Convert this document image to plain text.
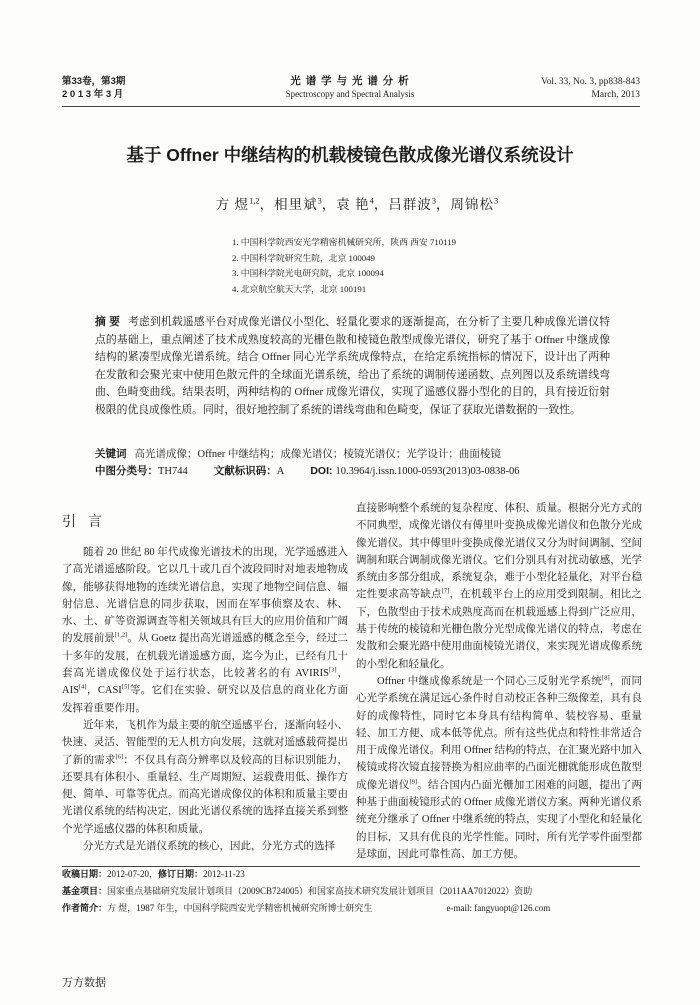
第33卷，第3期
2 0 1 3 年 3 月
光 谱 学 与 光 谱 分 析
Spectroscopy and Spectral Analysis
Vol. 33, No. 3, pp838-843
March, 2013
基于 Offner 中继结构的机载棱镜色散成像光谱仪系统设计
方 煜$^{1,2}$，相里斌$^3$，袁 艳$^4$，吕群波$^3$，周锦松$^3$
1. 中国科学院西安光学精密机械研究所，陕西 西安 710119
2. 中国科学院研究生院，北京 100049
3. 中国科学院光电研究院，北京 100094
4. 北京航空航天大学，北京 100191
摘 要 考虑到机载遥感平台对成像光谱仪小型化、轻量化要求的逐渐提高，在分析了主要几种成像光谱仪特点的基础上，重点阐述了技术成熟度较高的光栅色散和棱镜色散型成像光谱仪，研究了基于 Offner 中继成像结构的紧凑型成像光谱系统。结合 Offner 同心光学系统成像特点，在给定系统指标的情况下，设计出了两种在发散和会聚光束中使用色散元件的全球面光谱系统，给出了系统的调制传递函数、点列图以及系统谱线弯曲、色畸变曲线。结果表明，两种结构的 Offner 成像光谱仪，实现了遥感仪器小型化的目的，具有接近衍射极限的优良成像性质。同时，很好地控制了系统的谱线弯曲和色畸变，保证了获取光谱数据的一致性。
关键词 高光谱成像；Offner 中继结构；成像光谱仪；棱镜光谱仪；光学设计；曲面棱镜
中图分类号：TH744 文献标识码：A DOI: 10.3964/j.issn.1000-0593(2013)03-0838-06
引 言

随着 20 世纪 80 年代成像光谱技术的出现，光学遥感进入了高光谱遥感阶段。它以几十或几百个波段同时对地表地物成像，能够获得地物的连续光谱信息，实现了地物空间信息、辐射信息、光谱信息的同步获取，因而在军事侦察及农、林、水、土、矿等资源调查等相关领域具有巨大的应用价值和广阔的发展前景[1,2]。从 Goetz 提出高光谱遥感的概念至今，经过二十多年的发展，在机载光谱遥感方面，迄今为止，已经有几十套高光谱成像仪处于运行状态，比较著名的有 AVIRIS[3]，AIS[4]，CASI[5]等。它们在实验、研究以及信息的商业化方面发挥着重要作用。

近年来，飞机作为最主要的航空遥感平台，逐渐向轻小、快速、灵活、智能型的无人机方向发展，这就对遥感载荷提出了新的需求[6]：不仅具有高分辨率以及较高的目标识别能力，还要具有体积小、重量轻、生产周期短、运载费用低、操作方便、简单、可靠等优点。而高光谱成像仪的体积和质量主要由光谱仪系统的结构决定，因此光谱仪系统的选择直接关系到整个光学遥感仪器的体积和质量。

分光方式是光谱仪系统的核心，因此，分光方式的选择

直接影响整个系统的复杂程度、体积、质量。根据分光方式的不同典型，成像光谱仪有傅里叶变换成像光谱仪和色散分光成像光谱仪。其中傅里叶变换成像光谱仪又分为时间调制、空间调制和联合调制成像光谱仪。它们分别具有对扰动敏感，光学系统由多部分组成，系统复杂，难于小型化轻量化，对平台稳定性要求高等缺点[7]，在机载平台上的应用受到限制。相比之下，色散型由于技术成熟度高而在机载遥感上得到广泛应用，基于传统的棱镜和光栅色散分光型成像光谱仪的特点，考虑在发散和会聚光路中使用曲面棱镜光谱仪，来实现光谱成像系统的小型化和轻量化。

Offner 中继成像系统是一个同心三反射光学系统[8]，而同心光学系统在满足远心条件时自动校正各种三级像差，具有良好的成像特性，同时它本身具有结构简单、装校容易、重量轻、加工方便、成本低等优点。所有这些优点和特性非常适合用于成像光谱仪。利用 Offner 结构的特点，在汇聚光路中加入棱镜或将次镜直接替换为相应曲率的凸面光栅就能形成色散型成像光谱仪[9]。结合国内凸面光栅加工困难的问题，提出了两种基于曲面棱镜形式的 Offner 成像光谱仪方案。两种光谱仪系统充分继承了 Offner 中继系统的特点，实现了小型化和轻量化的目标，又具有优良的光学性能。同时，所有光学零件面型都是球面，因此可靠性高、加工方便。

收稿日期：2012-07-20，修订日期：2012-11-23
基金项目：国家重点基础研究发展计划项目（2009CB724005）和国家高技术研究发展计划项目（2011AA7012022）资助
作者简介：方 煜，1987 年生，中国科学院西安光学精密机械研究所博士研究生	e-mail: fangyuopt@126.com
万方数据
